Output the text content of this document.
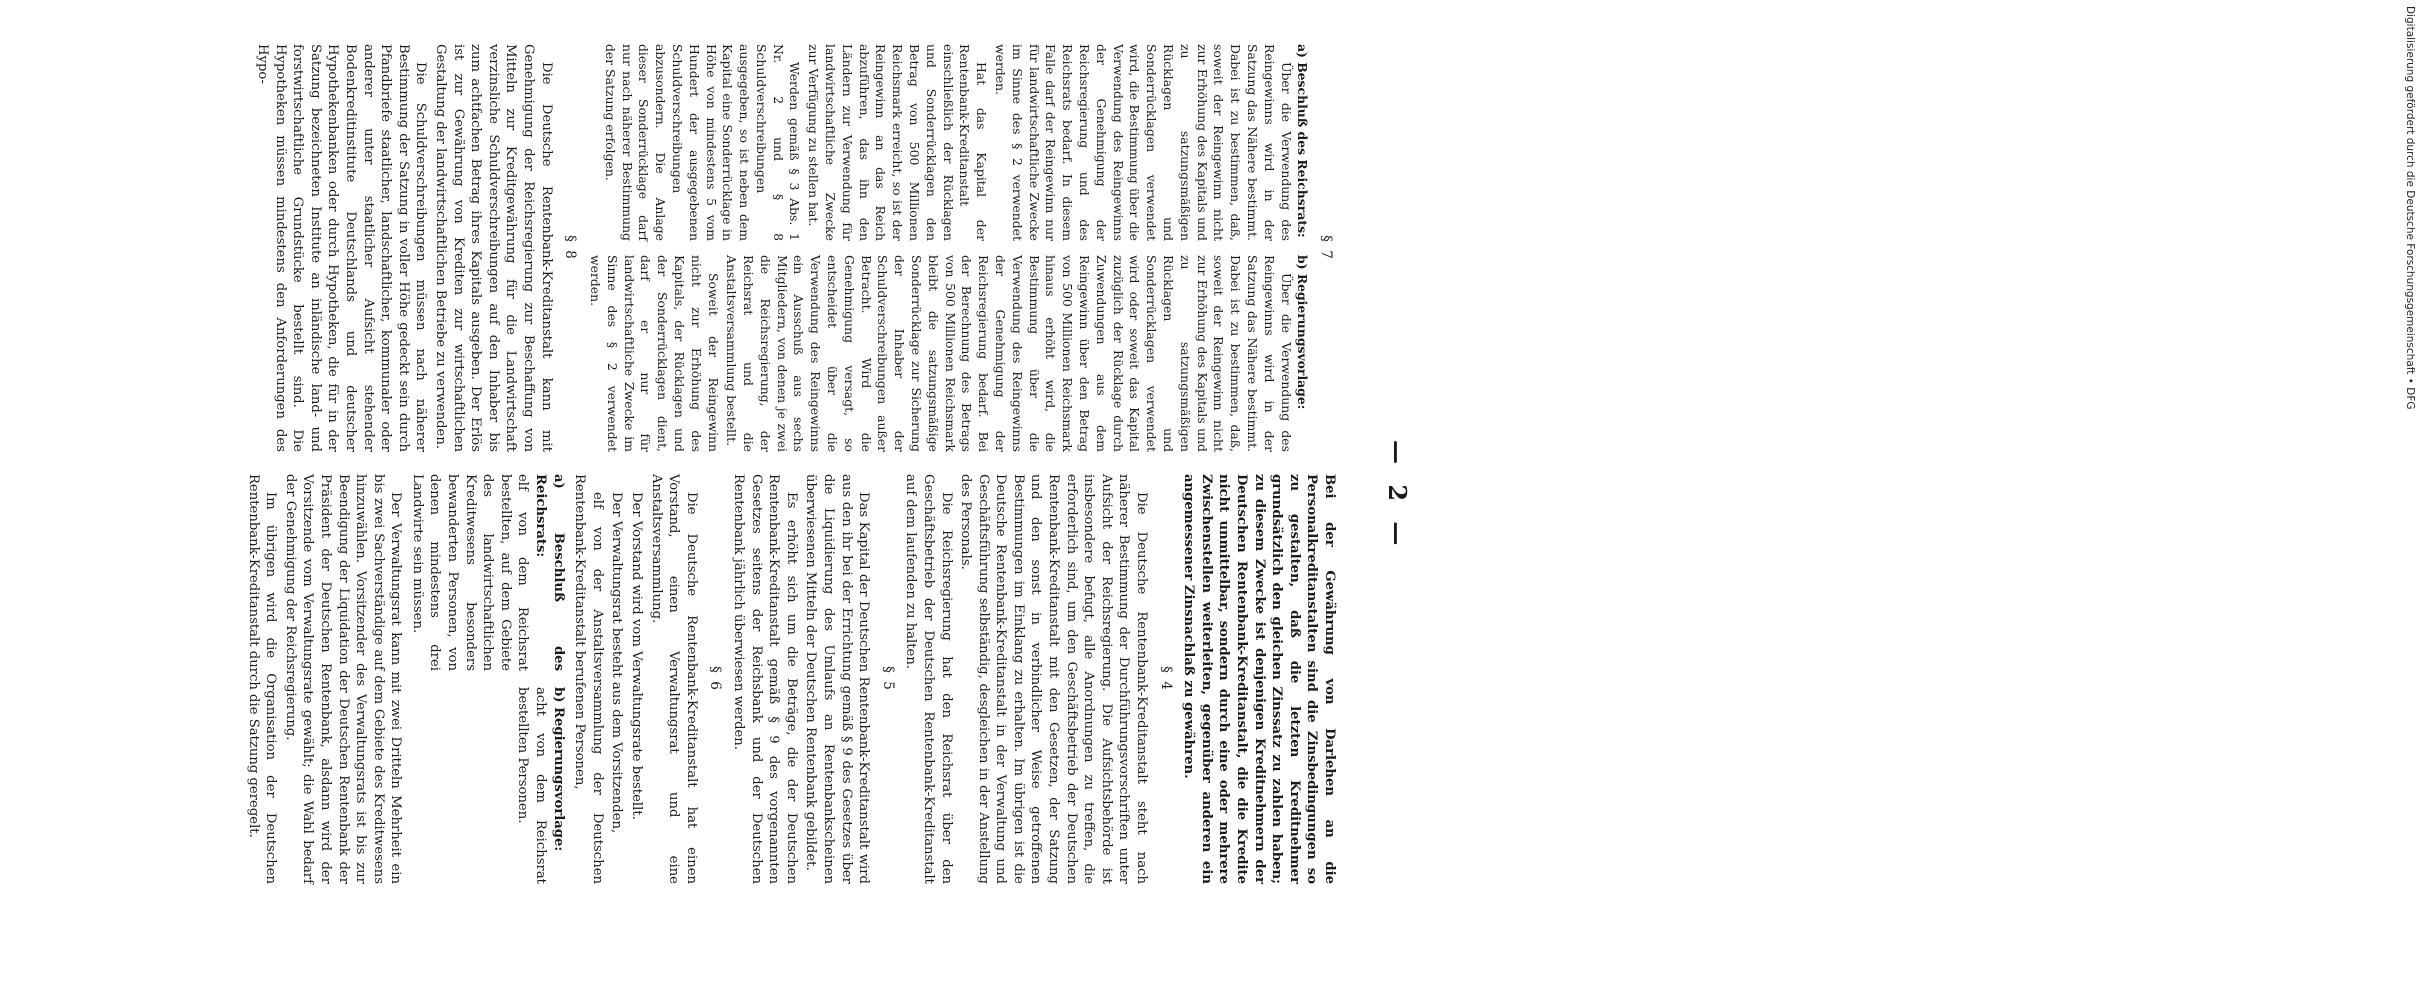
— 2 —

Bei der Gewährung von Darlehen an die Personalkreditanstalten sind die Zinsbedingungen so zu gestalten, daß die letzten Kreditnehmer grundsätzlich den gleichen Zinssatz zu zahlen haben; zu diesem Zwecke ist denjenigen Kreditnehmern der Deutschen Rentenbank-Kreditanstalt, die die Kredite nicht unmittelbar, sondern durch eine oder mehrere Zwischenstellen weiterleiten, gegenüber anderen ein angemessener Zinsnachlaß zu gewähren.

§ 4

Die Deutsche Rentenbank-Kreditanstalt steht nach näherer Bestimmung der Durchführungsvorschriften unter Aufsicht der Reichsregierung. Die Aufsichtsbehörde ist insbesondere befugt, alle Anordnungen zu treffen, die erforderlich sind, um den Geschäftsbetrieb der Deutschen Rentenbank-Kreditanstalt mit den Gesetzen, der Satzung und den sonst in verbindlicher Weise getroffenen Bestimmungen im Einklang zu erhalten. Im übrigen ist die Deutsche Rentenbank-Kreditanstalt in der Verwaltung und Geschäftsführung selbständig, desgleichen in der Anstellung des Personals.

Die Reichsregierung hat den Reichsrat über den Geschäftsbetrieb der Deutschen Rentenbank-Kreditanstalt auf dem laufenden zu halten.

§ 5

Das Kapital der Deutschen Rentenbank-Kreditanstalt wird aus den ihr bei der Errichtung gemäß § 9 des Gesetzes über die Liquidierung des Umlaufs an Rentenbankscheinen überwiesenen Mitteln der Deutschen Rentenbank gebildet.

Es erhöht sich um die Beträge, die der Deutschen Rentenbank-Kreditanstalt gemäß § 9 des vorgenannten Gesetzes seitens der Reichsbank und der Deutschen Rentenbank jährlich überwiesen werden.

§ 6

Die Deutsche Rentenbank-Kreditanstalt hat einen Vorstand, einen Verwaltungsrat und eine Anstaltsversammlung.

Der Vorstand wird vom Verwaltungsrate bestellt.

Der Verwaltungsrat besteht aus dem Vorsitzenden,

elf von der Anstaltsversammlung der Deutschen Rentenbank-Kreditanstalt berufenen Personen,

a) Beschluß des Reichsrats:
elf von dem Reichsrat bestellten, auf dem Gebiete des landwirtschaftlichen Kreditwesens besonders bewanderten Personen, von denen mindestens drei Landwirte sein müssen.
b) Regierungsvorlage:
acht von dem Reichsrat bestellten Personen.

Der Verwaltungsrat kann mit zwei Dritteln Mehrheit ein bis zwei Sachverständige auf dem Gebiete des Kreditwesens hinzuwählen. Vorsitzender des Verwaltungsrats ist bis zur Beendigung der Liquidation der Deutschen Rentenbank der Präsident der Deutschen Rentenbank, alsdann wird der Vorsitzende vom Verwaltungsrate gewählt; die Wahl bedarf der Genehmigung der Reichsregierung.

Im übrigen wird die Organisation der Deutschen Rentenbank-Kreditanstalt durch die Satzung geregelt.

§ 7
a) Beschluß des Reichsrats:

Über die Verwendung des Reingewinns wird in der Satzung das Nähere bestimmt. Dabei ist zu bestimmen, daß, soweit der Reingewinn nicht zur Erhöhung des Kapitals und zu satzungsmäßigen Rücklagen und Sonderrücklagen verwendet wird, die Bestimmung über die Verwendung des Reingewinns der Genehmigung der Reichsregierung und des Reichsrats bedarf. In diesem Falle darf der Reingewinn nur für landwirtschaftliche Zwecke im Sinne des § 2 verwendet werden.

Hat das Kapital der Rentenbank-Kreditanstalt einschließlich der Rücklagen und Sonderrücklagen den Betrag von 500 Millionen Reichsmark erreicht, so ist der Reingewinn an das Reich abzuführen, das ihn den Ländern zur Verwendung für landwirtschaftliche Zwecke zur Verfügung zu stellen hat.

Werden gemäß § 3 Abs. 1 Nr. 2 und § 8 Schuldverschreibungen ausgegeben, so ist neben dem Kapital eine Sonderrücklage in Höhe von mindestens 5 vom Hundert der ausgegebenen Schuldverschreibungen abzusondern. Die Anlage dieser Sonderrücklage darf nur nach näherer Bestimmung der Satzung erfolgen.

b) Regierungsvorlage:

Über die Verwendung des Reingewinns wird in der Satzung das Nähere bestimmt. Dabei ist zu bestimmen, daß, soweit der Reingewinn nicht zur Erhöhung des Kapitals und zu satzungsmäßigen Rücklagen und Sonderrücklagen verwendet wird oder soweit das Kapital zuzüglich der Rücklage durch Zuwendungen aus dem Reingewinn über den Betrag von 500 Millionen Reichsmark hinaus erhöht wird, die Bestimmung über die Verwendung des Reingewinns der Genehmigung der Reichsregierung bedarf. Bei der Berechnung des Betrags von 500 Millionen Reichsmark bleibt die satzungsmäßige Sonderrücklage zur Sicherung der Inhaber der Schuldverschreibungen außer Betracht. Wird die Genehmigung versagt, so entscheidet über die Verwendung des Reingewinns ein Ausschuß aus sechs Mitgliedern, von denen je zwei die Reichsregierung, der Reichsrat und die Anstaltsversammlung bestellt.

Soweit der Reingewinn nicht zur Erhöhung des Kapitals, der Rücklagen und der Sonderrücklagen dient, darf er nur für landwirtschaftliche Zwecke im Sinne des § 2 verwendet werden.

§ 8

Die Deutsche Rentenbank-Kreditanstalt kann mit Genehmigung der Reichsregierung zur Beschaffung von Mitteln zur Kreditgewährung für die Landwirtschaft verzinsliche Schuldverschreibungen auf den Inhaber bis zum achtfachen Betrag ihres Kapitals ausgeben. Der Erlös ist zur Gewährung von Krediten zur wirtschaftlichen Gestaltung der landwirtschaftlichen Betriebe zu verwenden.

Die Schuldverschreibungen müssen nach näherer Bestimmung der Satzung in voller Höhe gedeckt sein durch Pfandbriefe staatlicher, landschaftlicher, kommunaler oder anderer unter staatlicher Aufsicht stehender Bodenkreditinstitute Deutschlands und deutscher Hypothekenbanken oder durch Hypotheken, die für in der Satzung bezeichneten Institute an inländische land- und forstwirtschaftliche Grundstücke bestellt sind. Die Hypotheken müssen mindestens den Anforderungen des Hypo-	Digitalisierung gefördert durch die Deutsche Forschungsgemeinschaft • DFG
